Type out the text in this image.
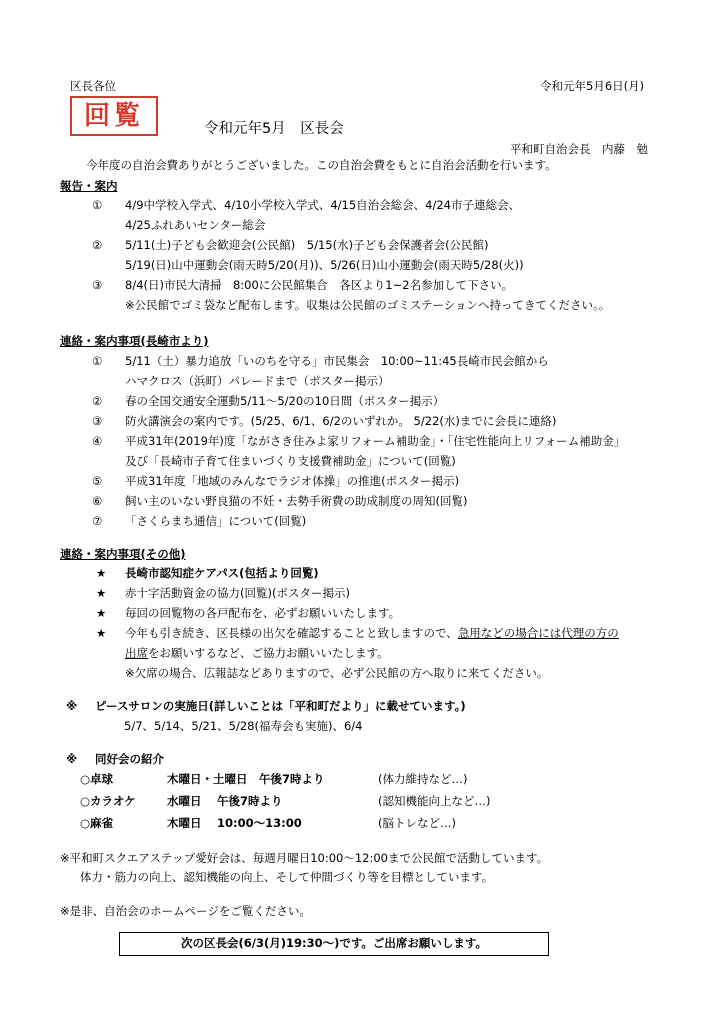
区長各位	令和元年5月6日(月)
回覧	令和元年5月　区長会
平和町自治会長　内藤　勉
今年度の自治会費ありがとうございました。この自治会費をもとに自治会活動を行います。
報告・案内
① 4/9中学校入学式、4/10小学校入学式、4/15自治会総会、4/24市子連総会、
4/25ふれあいセンター総会
② 5/11(土)子ども会歓迎会(公民館)　5/15(水)子ども会保護者会(公民館)
5/19(日)山中運動会(雨天時5/20(月))、5/26(日)山小運動会(雨天時5/28(火))
③ 8/4(日)市民大清掃　8:00に公民館集合　各区より1~2名参加して下さい。
※公民館でゴミ袋など配布します。収集は公民館のゴミステーションへ持ってきてください。。
連絡・案内事項(長崎市より)
① 5/11（土）暴力追放「いのちを守る」市民集会　10:00~11:45長崎市民会館から
ハマクロス（浜町）パレードまで（ポスター掲示）
② 春の全国交通安全運動5/11～5/20の10日間（ポスター掲示）
③ 防火講演会の案内です。(5/25、6/1、6/2のいずれか。 5/22(水)までに会長に連絡)
④ 平成31年(2019年)度「ながさき住みよ家リフォーム補助金」・「住宅性能向上リフォーム補助金」
及び「長崎市子育て住まいづくり支援費補助金」について(回覧)
⑤ 平成31年度「地域のみんなでラジオ体操」の推進(ポスター掲示)
⑥ 飼い主のいない野良猫の不妊・去勢手術費の助成制度の周知(回覧)
⑦ 「さくらまち通信」について(回覧)
連絡・案内事項(その他)
★ 長崎市認知症ケアパス(包括より回覧)
★ 赤十字活動資金の協力(回覧)(ポスター掲示)
★ 毎回の回覧物の各戸配布を、必ずお願いいたします。
★ 今年も引き続き、区長様の出欠を確認することと致しますので、急用などの場合には代理の方の
出席をお願いするなど、ご協力お願いいたします。
※欠席の場合、広報誌などありますので、必ず公民館の方へ取りに来てください。
※ ピースサロンの実施日(詳しいことは「平和町だより」に載せています。)
5/7、5/14、5/21、5/28(福寿会も実施)、6/4
※ 同好会の紹介
○卓球	木曜日・土曜日　午後7時より	(体力維持など…)
○カラオケ	水曜日　 午後7時より	(認知機能向上など…)
○麻雀	木曜日　 10:00～13:00	(脳トレなど…)
※平和町スクエアステップ愛好会は、毎週月曜日10:00～12:00まで公民館で活動しています。
体力・筋力の向上、認知機能の向上、そして仲間づくり等を目標としています。
※是非、自治会のホームページをご覧ください。
次の区長会(6/3(月)19:30～)です。ご出席お願いします。
